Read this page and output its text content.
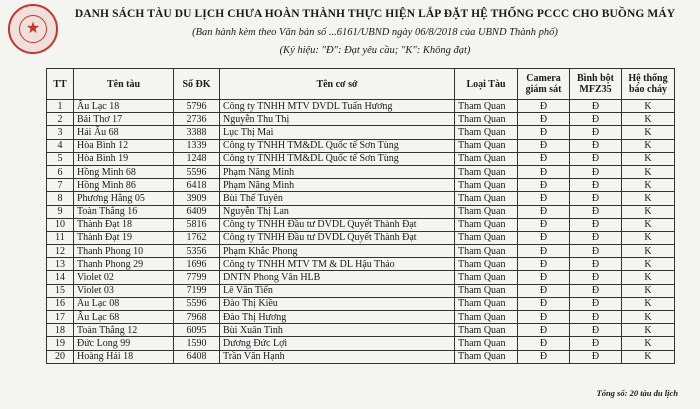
★
DANH SÁCH TÀU DU LỊCH CHƯA HOÀN THÀNH THỰC HIỆN LẮP ĐẶT HỆ THỐNG PCCC CHO BUỒNG MÁY
(Ban hành kèm theo Văn bản số ...6161/UBND ngày 06/8/2018 của UBND Thành phố)
(Ký hiệu: "Đ": Đạt yêu cầu; "K": Không đạt)
TT	Tên tàu	Số ĐK	Tên cơ sở	Loại Tàu	Camera giám sát	Bình bột MFZ35	Hệ thống báo cháy
1	Âu Lạc 18	5796	Công ty TNHH MTV DVDL Tuấn Hương	Tham Quan	Đ	Đ	K
2	Bái Thơ 17	2736	Nguyễn Thu Thị	Tham Quan	Đ	Đ	K
3	Hải Âu 68	3388	Lục Thị Mai	Tham Quan	Đ	Đ	K
4	Hòa Bình 12	1339	Công ty TNHH TM&DL Quốc tế Sơn Tùng	Tham Quan	Đ	Đ	K
5	Hòa Bình 19	1248	Công ty TNHH TM&DL Quốc tế Sơn Tùng	Tham Quan	Đ	Đ	K
6	Hồng Minh 68	5596	Phạm Năng Minh	Tham Quan	Đ	Đ	K
7	Hồng Minh 86	6418	Phạm Năng Minh	Tham Quan	Đ	Đ	K
8	Phương Hằng 05	3909	Bùi Thế Tuyên	Tham Quan	Đ	Đ	K
9	Toàn Thắng 16	6409	Nguyễn Thị Lan	Tham Quan	Đ	Đ	K
10	Thành Đạt 18	5816	Công ty TNHH Đầu tư DVDL Quyết Thành Đạt	Tham Quan	Đ	Đ	K
11	Thành Đạt 19	1762	Công ty TNHH Đầu tư DVDL Quyết Thành Đạt	Tham Quan	Đ	Đ	K
12	Thanh Phong 10	5356	Phạm Khắc Phong	Tham Quan	Đ	Đ	K
13	Thanh Phong 29	1696	Công ty TNHH MTV TM & DL Hậu Thảo	Tham Quan	Đ	Đ	K
14	Violet 02	7799	DNTN Phong Vân HLB	Tham Quan	Đ	Đ	K
15	Violet 03	7199	Lê Văn Tiến	Tham Quan	Đ	Đ	K
16	Âu Lạc 08	5596	Đào Thị Kiều	Tham Quan	Đ	Đ	K
17	Âu Lạc 68	7968	Đào Thị Hương	Tham Quan	Đ	Đ	K
18	Toàn Thắng 12	6095	Bùi Xuân Tình	Tham Quan	Đ	Đ	K
19	Đức Long 99	1590	Dương Đức Lợi	Tham Quan	Đ	Đ	K
20	Hoàng Hải 18	6408	Trần Văn Hạnh	Tham Quan	Đ	Đ	K
Tổng số: 20 tàu du lịch
